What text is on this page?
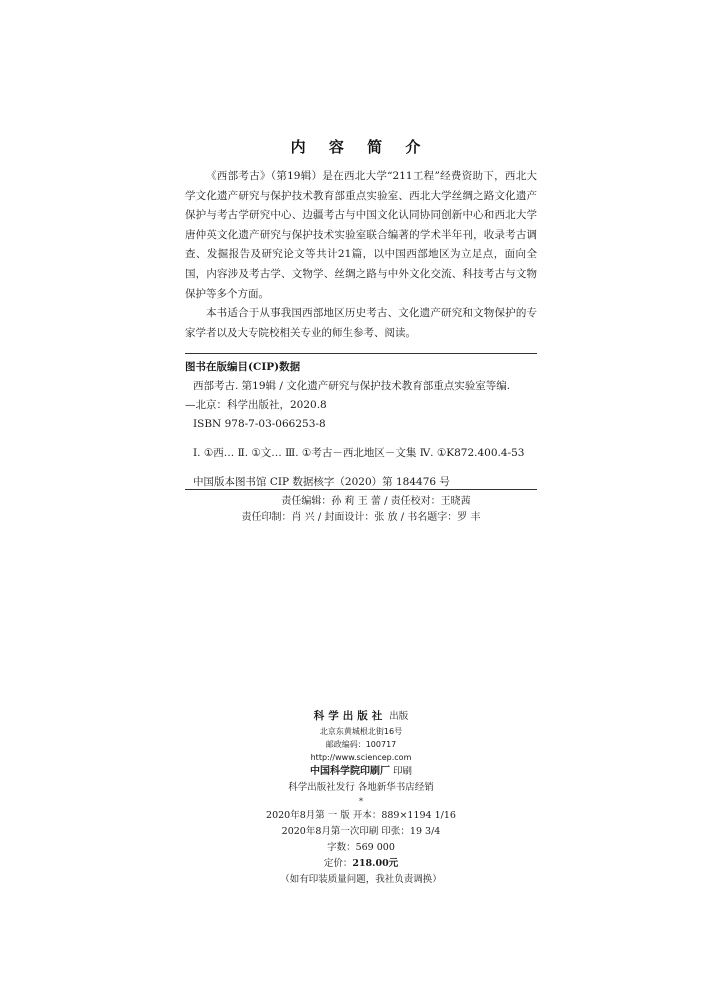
内 容 简 介

《西部考古》（第19辑）是在西北大学“211工程”经费资助下，西北大学文化遗产研究与保护技术教育部重点实验室、西北大学丝绸之路文化遗产保护与考古学研究中心、边疆考古与中国文化认同协同创新中心和西北大学唐仲英文化遗产研究与保护技术实验室联合编著的学术半年刊，收录考古调查、发掘报告及研究论文等共计21篇，以中国西部地区为立足点，面向全国，内容涉及考古学、文物学、丝绸之路与中外文化交流、科技考古与文物保护等多个方面。

本书适合于从事我国西部地区历史考古、文化遗产研究和文物保护的专家学者以及大专院校相关专业的师生参考、阅读。

图书在版编目(CIP)数据
西部考古. 第19辑 / 文化遗产研究与保护技术教育部重点实验室等编.
—北京：科学出版社，2020.8
ISBN 978-7-03-066253-8
Ⅰ. ①西… Ⅱ. ①文… Ⅲ. ①考古－西北地区－文集 Ⅳ. ①K872.400.4-53
中国版本图书馆 CIP 数据核字（2020）第 184476 号
责任编辑：孙 莉 王 蕾 / 责任校对：王晓茜
责任印制：肖 兴 / 封面设计：张 放 / 书名题字：罗 丰
科学出版社 出版
北京东黄城根北街16号
邮政编码：100717
http://www.sciencep.com
中国科学院印刷厂 印刷
科学出版社发行 各地新华书店经销
*
2020年8月第 一 版 开本：889×1194 1/16
2020年8月第一次印刷 印张：19 3/4
字数：569 000
定价：218.00元
（如有印装质量问题，我社负责调换）
